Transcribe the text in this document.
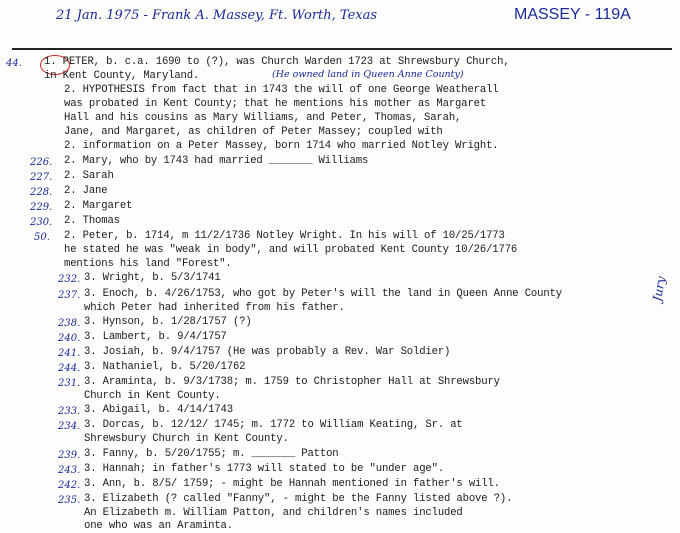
21 Jan. 1975 - Frank A. Massey, Ft. Worth, Texas	MASSEY - 119A
(He owned land in Queen Anne County)
Jury
44. 1. PETER, b. c.a. 1690 to (?), was Church Warden 1723 at Shrewsbury Church,
in Kent County, Maryland.
2. HYPOTHESIS from fact that in 1743 the will of one George Weatherall
was probated in Kent County; that he mentions his mother as Margaret
Hall and his cousins as Mary Williams, and Peter, Thomas, Sarah,
Jane, and Margaret, as children of Peter Massey; coupled with
2. information on a Peter Massey, born 1714 who married Notley Wright.
226. 2. Mary, who by 1743 had married _______ Williams
227. 2. Sarah
228. 2. Jane
229. 2. Margaret
230. 2. Thomas
50. 2. Peter, b. 1714, m 11/2/1736 Notley Wright. In his will of 10/25/1773
he stated he was "weak in body", and will probated Kent County 10/26/1776
mentions his land "Forest".
232. 3. Wright, b. 5/3/1741
237. 3. Enoch, b. 4/26/1753, who got by Peter's will the land in Queen Anne County
which Peter had inherited from his father.
238. 3. Hynson, b. 1/28/1757 (?)
240. 3. Lambert, b. 9/4/1757
241. 3. Josiah, b. 9/4/1757 (He was probably a Rev. War Soldier)
244. 3. Nathaniel, b. 5/20/1762
231. 3. Araminta, b. 9/3/1738; m. 1759 to Christopher Hall at Shrewsbury
Church in Kent County.
233. 3. Abigail, b. 4/14/1743
234. 3. Dorcas, b. 12/12/ 1745; m. 1772 to William Keating, Sr. at
Shrewsbury Church in Kent County.
239. 3. Fanny, b. 5/20/1755; m. _______ Patton
243. 3. Hannah; in father's 1773 will stated to be "under age".
242. 3. Ann, b. 8/5/ 1759; - might be Hannah mentioned in father's will.
235. 3. Elizabeth (? called "Fanny", - might be the Fanny listed above ?).
An Elizabeth m. William Patton, and children's names included
one who was an Araminta.
